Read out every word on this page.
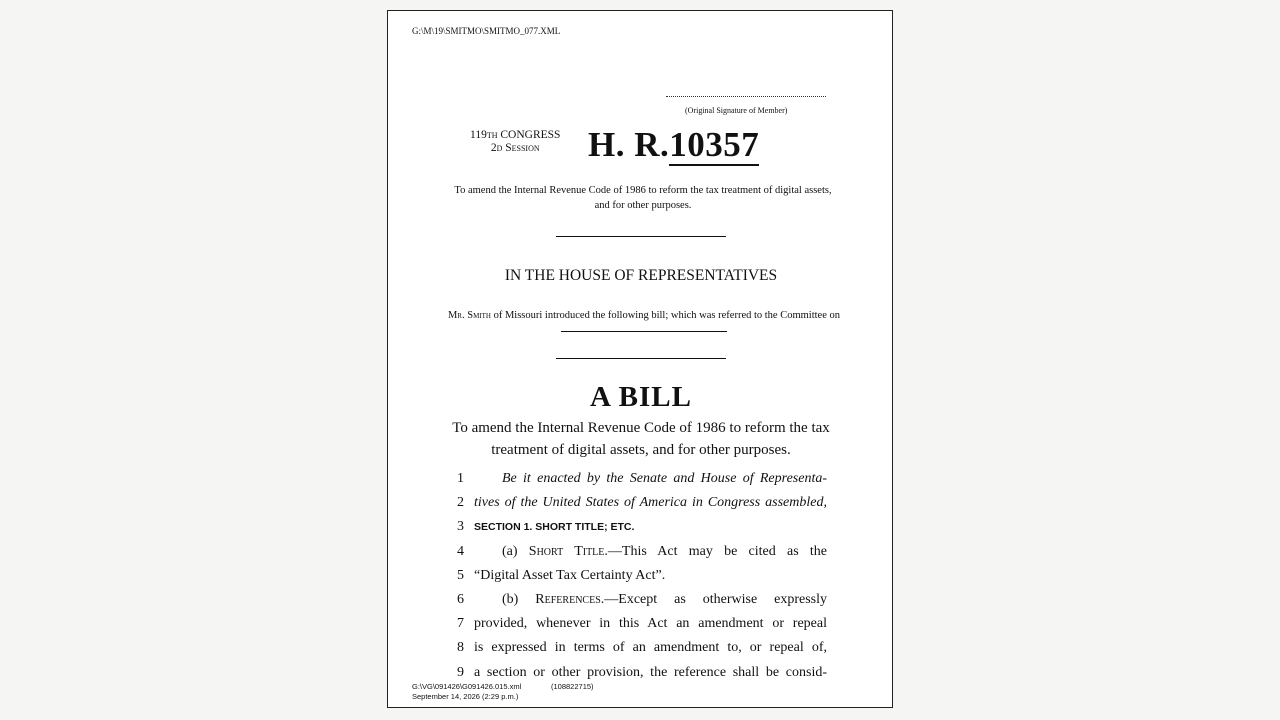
G:\M\19\SMITMO\SMITMO_077.XML

(Original Signature of Member)

119th CONGRESS
2d Session	H. R.10357

To amend the Internal Revenue Code of 1986 to reform the tax treatment of digital assets, and for other purposes.

IN THE HOUSE OF REPRESENTATIVES

Mr. Smith of Missouri introduced the following bill; which was referred to the Committee on

A BILL

To amend the Internal Revenue Code of 1986 to reform the tax treatment of digital assets, and for other purposes.

1	Be it enacted by the Senate and House of Representa-
2 tives of the United States of America in Congress assembled,
3 SECTION 1. SHORT TITLE; ETC.
4	(a) Short Title.—This Act may be cited as the
5 “Digital Asset Tax Certainty Act”.
6	(b) References.—Except as otherwise expressly
7 provided, whenever in this Act an amendment or repeal
8 is expressed in terms of an amendment to, or repeal of,
9 a section or other provision, the reference shall be consid-
G:\VG\091426\G091426.015.xml
September 14, 2026 (2:29 p.m.)

(108822715)
